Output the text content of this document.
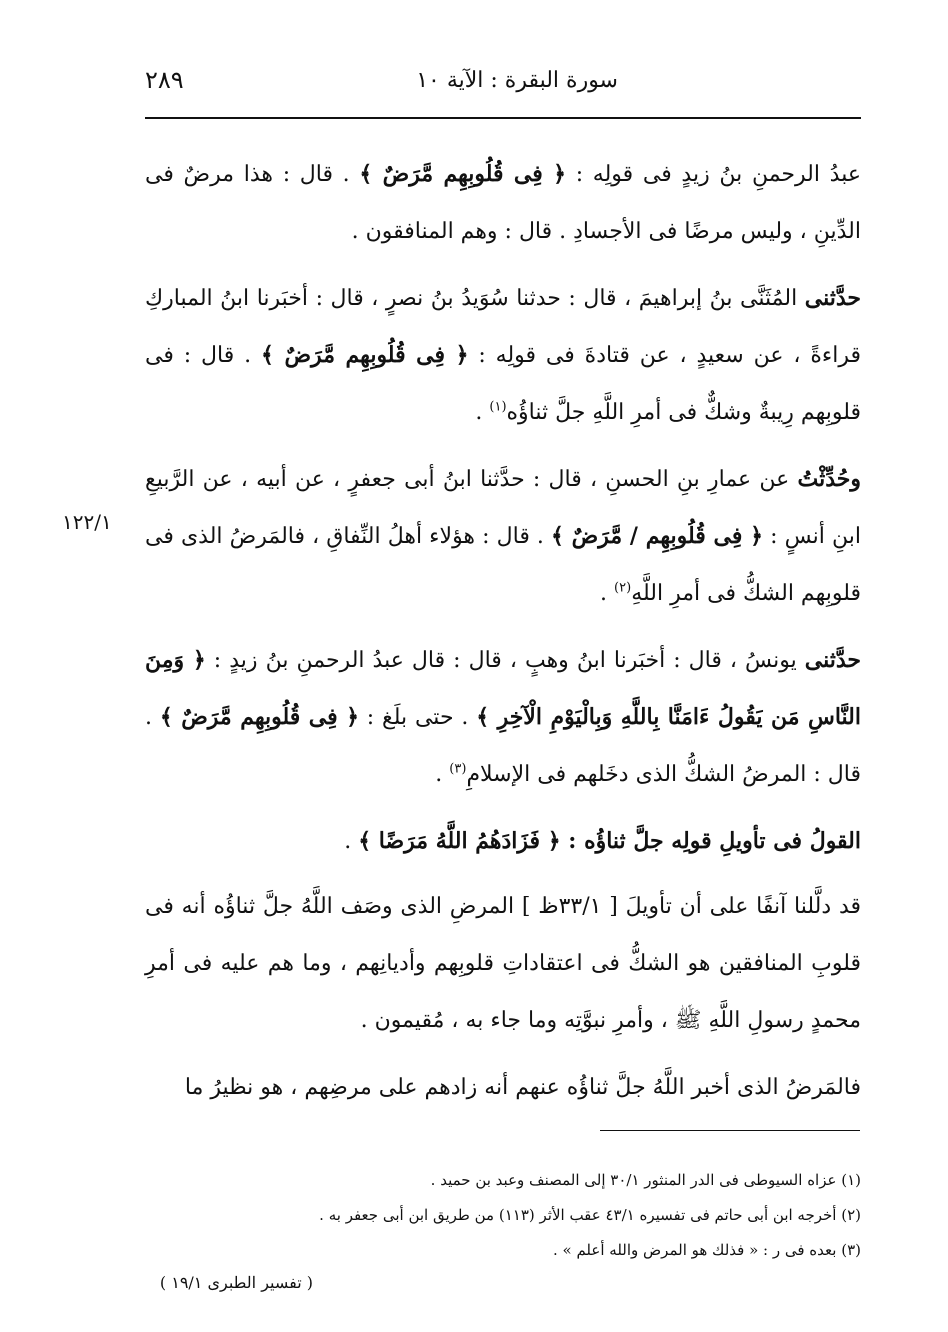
سورة البقرة : الآية ١٠
٢٨٩

عبدُ الرحمنِ بنُ زيدٍ فى قولِه : ﴿ فِى قُلُوبِهِم مَّرَضٌ ﴾ . قال : هذا مرضٌ فى الدِّينِ ، وليس مرضًا فى الأجسادِ . قال : وهم المنافقون .

حدَّثنى المُثَنَّى بنُ إبراهيمَ ، قال : حدثنا سُوَيدُ بنُ نصرٍ ، قال : أخبَرنا ابنُ المباركِ قراءةً ، عن سعيدٍ ، عن قتادةَ فى قولِه : ﴿ فِى قُلُوبِهِم مَّرَضٌ ﴾ . قال : فى قلوبِهم رِيبةٌ وشكٌّ فى أمرِ اللَّهِ جلَّ ثناؤُه$^{(١)}$ .

وحُدِّثْتُ عن عمارِ بنِ الحسنِ ، قال : حدَّثنا ابنُ أبى جعفرٍ ، عن أبيه ، عن الرَّبيعِ ابنِ أنسٍ : ﴿ فِى قُلُوبِهِم / مَّرَضٌ ﴾ . قال : هؤلاء أهلُ النِّفاقِ ، فالمَرضُ الذى فى قلوبِهم الشكُّ فى أمرِ اللَّهِ$^{(٢)}$ .

حدَّثنى يونسُ ، قال : أخبَرنا ابنُ وهبٍ ، قال : قال عبدُ الرحمنِ بنُ زيدٍ : ﴿ وَمِنَ النَّاسِ مَن يَقُولُ ءَامَنَّا بِاللَّهِ وَبِالْيَوْمِ الْآخِرِ ﴾ . حتى بلَغ : ﴿ فِى قُلُوبِهِم مَّرَضٌ ﴾ . قال : المرضُ الشكُّ الذى دخَلهم فى الإسلامِ$^{(٣)}$ .

القولُ فى تأويلِ قولِه جلَّ ثناؤُه : ﴿ فَزَادَهُمُ اللَّهُ مَرَضًا ﴾ .

قد دلَّلنا آنفًا على أن تأويلَ [ ٣٣/١ظ ] المرضِ الذى وصَف اللَّهُ جلَّ ثناؤُه أنه فى قلوبِ المنافقين هو الشكُّ فى اعتقاداتِ قلوبِهم وأديانِهم ، وما هم عليه فى أمرِ محمدٍ رسولِ اللَّهِ ﷺ ، وأمرِ نبوَّتِه وما جاء به ، مُقيمون .

فالمَرضُ الذى أخبر اللَّهُ جلَّ ثناؤُه عنهم أنه زادهم على مرضِهم ، هو نظيرُ ما

١٢٢/١
(١) عزاه السيوطى فى الدر المنثور ٣٠/١ إلى المصنف وعبد بن حميد .
(٢) أخرجه ابن أبى حاتم فى تفسيره ٤٣/١ عقب الأثر (١١٣) من طريق ابن أبى جعفر به .
(٣) بعده فى ر : « فذلك هو المرض والله أعلم » .
( تفسير الطبرى ١٩/١ )
